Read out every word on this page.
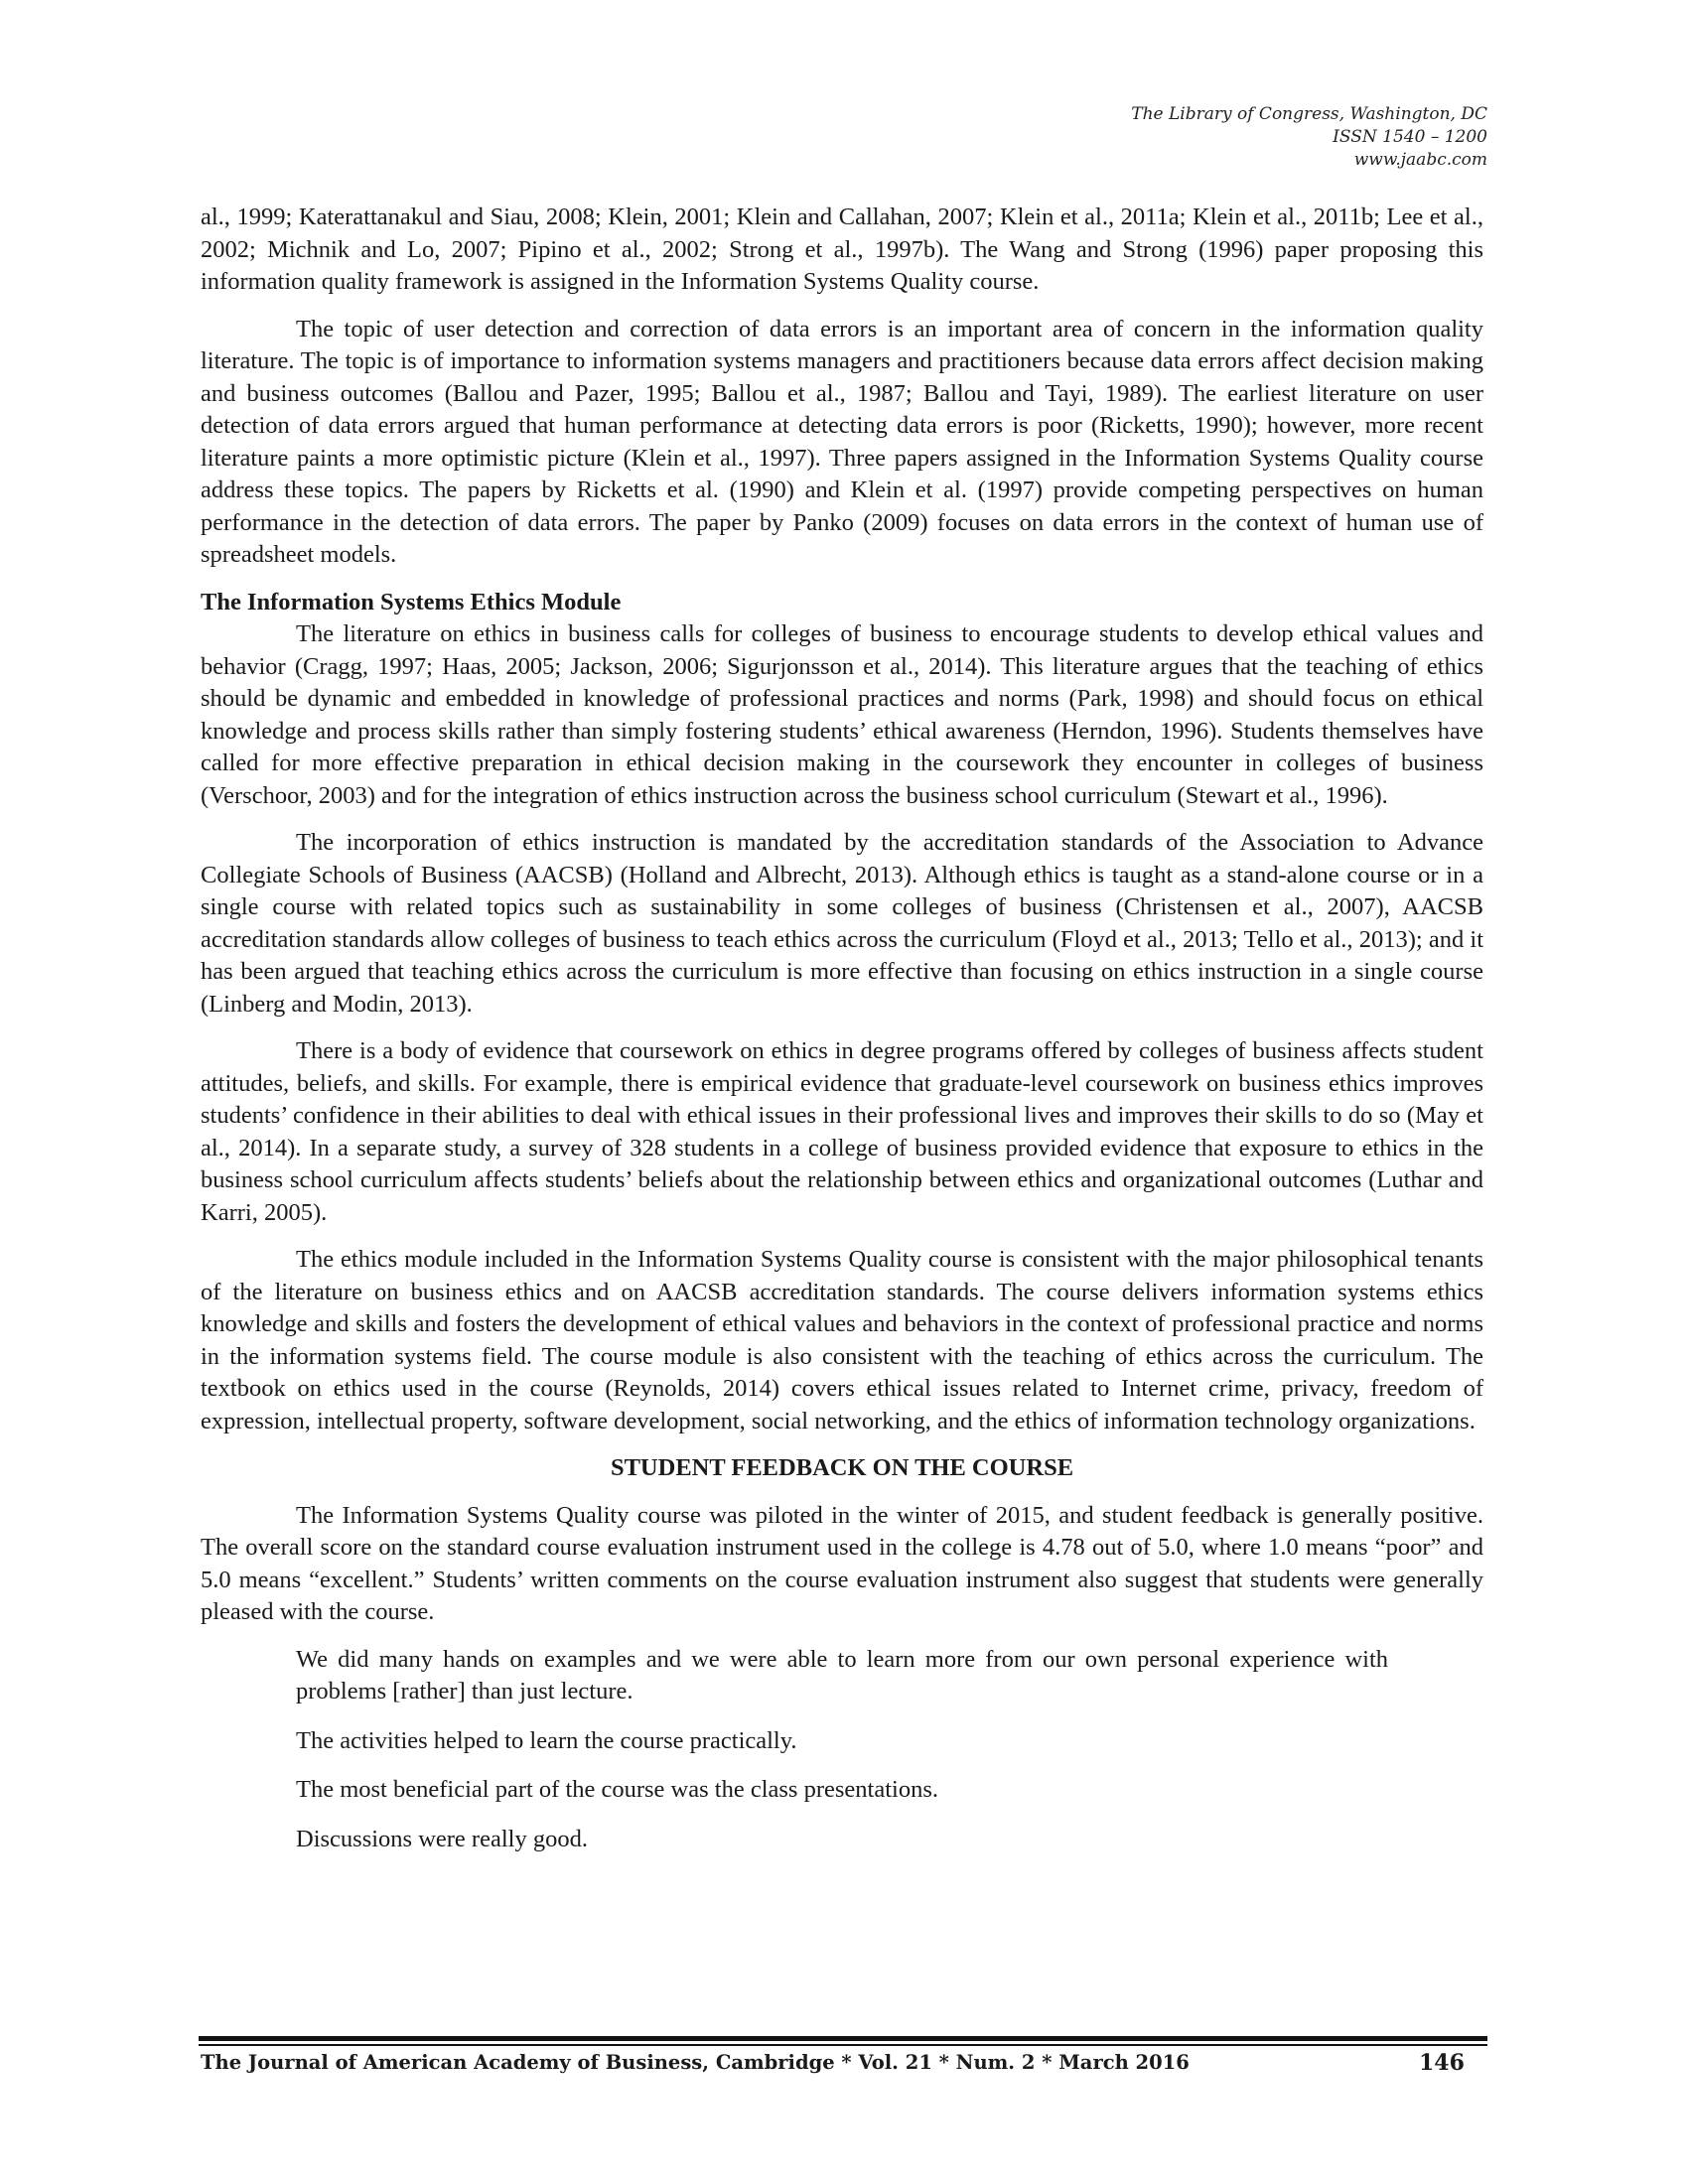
The Library of Congress, Washington, DC
ISSN 1540 – 1200
www.jaabc.com

al., 1999; Katerattanakul and Siau, 2008; Klein, 2001; Klein and Callahan, 2007; Klein et al., 2011a; Klein et al., 2011b; Lee et al., 2002; Michnik and Lo, 2007; Pipino et al., 2002; Strong et al., 1997b). The Wang and Strong (1996) paper proposing this information quality framework is assigned in the Information Systems Quality course.

The topic of user detection and correction of data errors is an important area of concern in the information quality literature. The topic is of importance to information systems managers and practitioners because data errors affect decision making and business outcomes (Ballou and Pazer, 1995; Ballou et al., 1987; Ballou and Tayi, 1989). The earliest literature on user detection of data errors argued that human performance at detecting data errors is poor (Ricketts, 1990); however, more recent literature paints a more optimistic picture (Klein et al., 1997). Three papers assigned in the Information Systems Quality course address these topics. The papers by Ricketts et al. (1990) and Klein et al. (1997) provide competing perspectives on human performance in the detection of data errors. The paper by Panko (2009) focuses on data errors in the context of human use of spreadsheet models.

The Information Systems Ethics Module

The literature on ethics in business calls for colleges of business to encourage students to develop ethical values and behavior (Cragg, 1997; Haas, 2005; Jackson, 2006; Sigurjonsson et al., 2014). This literature argues that the teaching of ethics should be dynamic and embedded in knowledge of professional practices and norms (Park, 1998) and should focus on ethical knowledge and process skills rather than simply fostering students’ ethical awareness (Herndon, 1996). Students themselves have called for more effective preparation in ethical decision making in the coursework they encounter in colleges of business (Verschoor, 2003) and for the integration of ethics instruction across the business school curriculum (Stewart et al., 1996).

The incorporation of ethics instruction is mandated by the accreditation standards of the Association to Advance Collegiate Schools of Business (AACSB) (Holland and Albrecht, 2013). Although ethics is taught as a stand-alone course or in a single course with related topics such as sustainability in some colleges of business (Christensen et al., 2007), AACSB accreditation standards allow colleges of business to teach ethics across the curriculum (Floyd et al., 2013; Tello et al., 2013); and it has been argued that teaching ethics across the curriculum is more effective than focusing on ethics instruction in a single course (Linberg and Modin, 2013).

There is a body of evidence that coursework on ethics in degree programs offered by colleges of business affects student attitudes, beliefs, and skills. For example, there is empirical evidence that graduate-level coursework on business ethics improves students’ confidence in their abilities to deal with ethical issues in their professional lives and improves their skills to do so (May et al., 2014). In a separate study, a survey of 328 students in a college of business provided evidence that exposure to ethics in the business school curriculum affects students’ beliefs about the relationship between ethics and organizational outcomes (Luthar and Karri, 2005).

The ethics module included in the Information Systems Quality course is consistent with the major philosophical tenants of the literature on business ethics and on AACSB accreditation standards. The course delivers information systems ethics knowledge and skills and fosters the development of ethical values and behaviors in the context of professional practice and norms in the information systems field. The course module is also consistent with the teaching of ethics across the curriculum. The textbook on ethics used in the course (Reynolds, 2014) covers ethical issues related to Internet crime, privacy, freedom of expression, intellectual property, software development, social networking, and the ethics of information technology organizations.

STUDENT FEEDBACK ON THE COURSE

The Information Systems Quality course was piloted in the winter of 2015, and student feedback is generally positive. The overall score on the standard course evaluation instrument used in the college is 4.78 out of 5.0, where 1.0 means “poor” and 5.0 means “excellent.” Students’ written comments on the course evaluation instrument also suggest that students were generally pleased with the course.

We did many hands on examples and we were able to learn more from our own personal experience with problems [rather] than just lecture.

The activities helped to learn the course practically.

The most beneficial part of the course was the class presentations.

Discussions were really good.

The Journal of American Academy of Business, Cambridge * Vol. 21 * Num. 2 * March 2016	146
